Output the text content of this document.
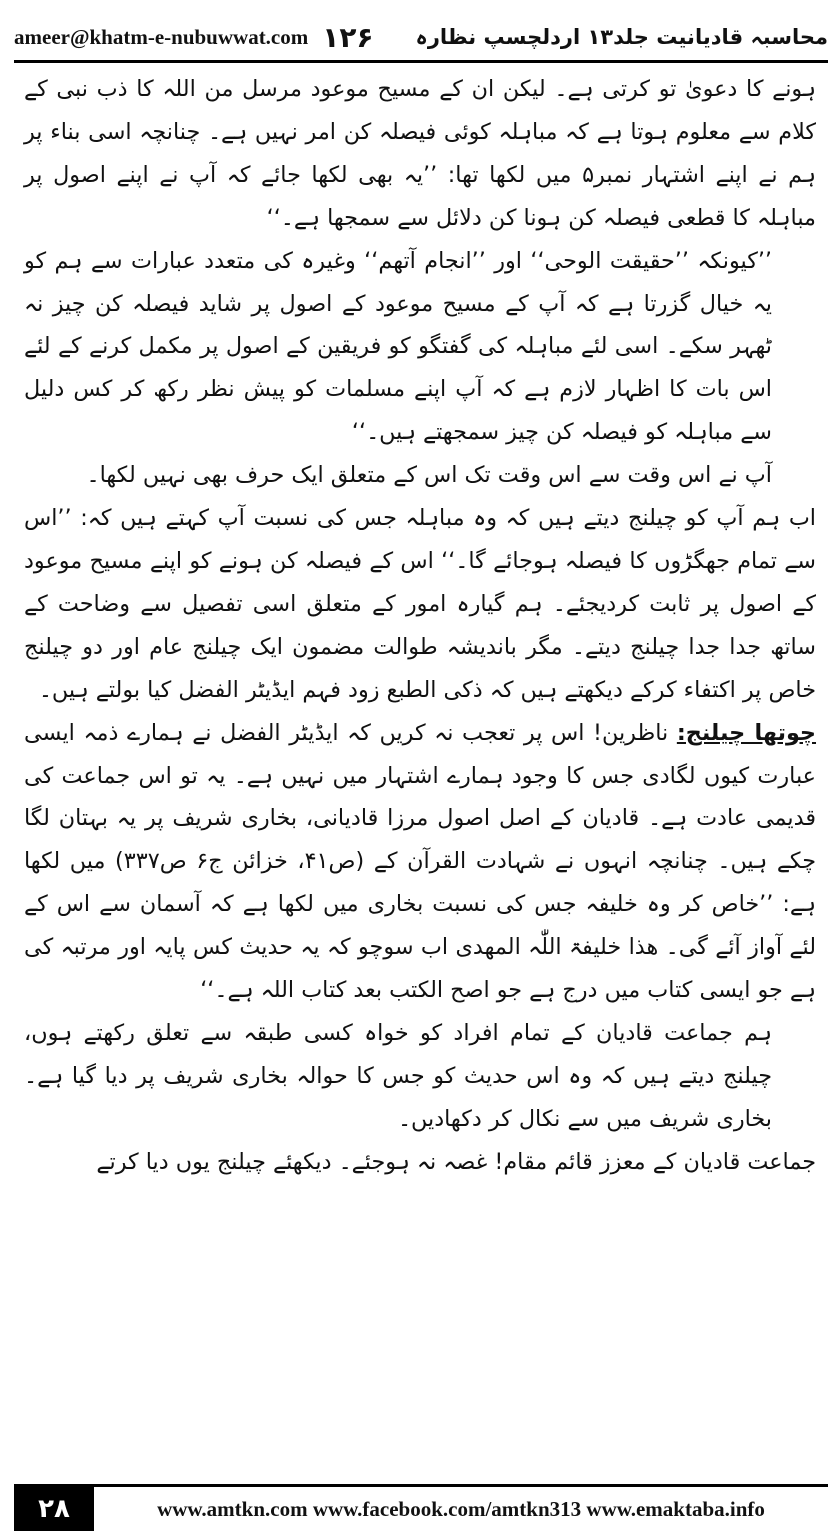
ameer@khatm-e-nubuwwat.com ۱۲۶ محاسبہ قادیانیت جلد۱۳ اردلچسپ نظارہ

ہونے کا دعویٰ تو کرتی ہے۔ لیکن ان کے مسیح موعود مرسل من اللہ کا ذب نبی کے کلام سے معلوم ہوتا ہے کہ مباہلہ کوئی فیصلہ کن امر نہیں ہے۔ چنانچہ اسی بناء پر ہم نے اپنے اشتہار نمبر۵ میں لکھا تھا: ’’یہ بھی لکھا جائے کہ آپ نے اپنے اصول پر مباہلہ کا قطعی فیصلہ کن ہونا کن دلائل سے سمجھا ہے۔‘‘

’’کیونکہ ’’حقیقت الوحی‘‘ اور ’’انجام آتھم‘‘ وغیرہ کی متعدد عبارات سے ہم کو یہ خیال گزرتا ہے کہ آپ کے مسیح موعود کے اصول پر شاید فیصلہ کن چیز نہ ٹھہر سکے۔ اسی لئے مباہلہ کی گفتگو کو فریقین کے اصول پر مکمل کرنے کے لئے اس بات کا اظہار لازم ہے کہ آپ اپنے مسلمات کو پیش نظر رکھ کر کس دلیل سے مباہلہ کو فیصلہ کن چیز سمجھتے ہیں۔‘‘

آپ نے اس وقت سے اس وقت تک اس کے متعلق ایک حرف بھی نہیں لکھا۔

اب ہم آپ کو چیلنج دیتے ہیں کہ وہ مباہلہ جس کی نسبت آپ کہتے ہیں کہ: ’’اس سے تمام جھگڑوں کا فیصلہ ہوجائے گا۔‘‘ اس کے فیصلہ کن ہونے کو اپنے مسیح موعود کے اصول پر ثابت کردیجئے۔ ہم گیارہ امور کے متعلق اسی تفصیل سے وضاحت کے ساتھ جدا جدا چیلنج دیتے۔ مگر باندیشہ طوالت مضمون ایک چیلنج عام اور دو چیلنج خاص پر اکتفاء کرکے دیکھتے ہیں کہ ذکی الطبع زود فہم ایڈیٹر الفضل کیا بولتے ہیں۔

چوتھا چیلنج: ناظرین! اس پر تعجب نہ کریں کہ ایڈیٹر الفضل نے ہمارے ذمہ ایسی عبارت کیوں لگادی جس کا وجود ہمارے اشتہار میں نہیں ہے۔ یہ تو اس جماعت کی قدیمی عادت ہے۔ قادیان کے اصل اصول مرزا قادیانی، بخاری شریف پر یہ بہتان لگا چکے ہیں۔ چنانچہ انہوں نے شہادت القرآن کے (ص۴۱، خزائن ج۶ ص۳۳۷) میں لکھا ہے: ’’خاص کر وہ خلیفہ جس کی نسبت بخاری میں لکھا ہے کہ آسمان سے اس کے لئے آواز آئے گی۔ ھذا خلیفۃ اللّٰہ المھدی اب سوچو کہ یہ حدیث کس پایہ اور مرتبہ کی ہے جو ایسی کتاب میں درج ہے جو اصح الکتب بعد کتاب اللہ ہے۔‘‘

ہم جماعت قادیان کے تمام افراد کو خواہ کسی طبقہ سے تعلق رکھتے ہوں، چیلنج دیتے ہیں کہ وہ اس حدیث کو جس کا حوالہ بخاری شریف پر دیا گیا ہے۔ بخاری شریف میں سے نکال کر دکھادیں۔

جماعت قادیان کے معزز قائم مقام! غصہ نہ ہوجئے۔ دیکھئے چیلنج یوں دیا کرتے

۲۸	www.amtkn.com www.facebook.com/amtkn313 www.emaktaba.info
